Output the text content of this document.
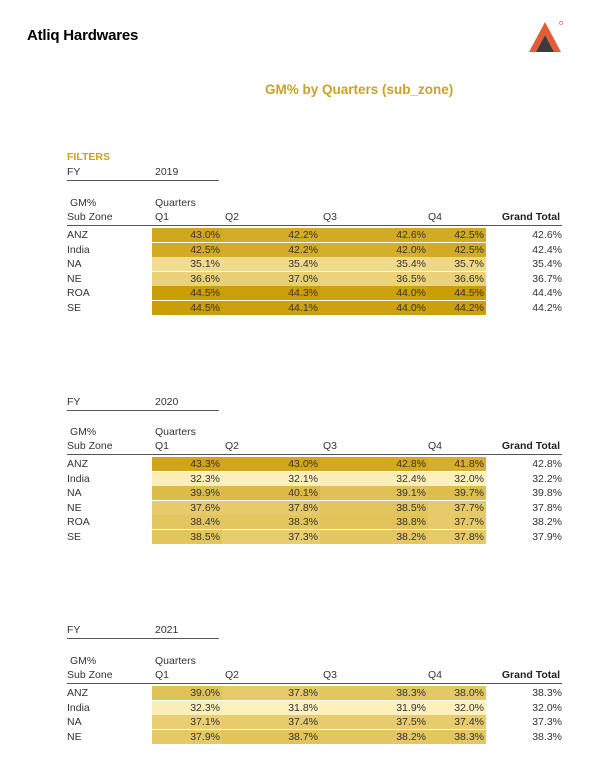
Atliq Hardwares
GM% by Quarters (sub_zone)
FILTERS
FY	2019
GM%	Quarters
Sub Zone	Q1	Q2	Q3	Q4	Grand Total
ANZ	43.0%	42.2%	42.6%	42.5%	42.6%
India	42.5%	42.2%	42.0%	42.5%	42.4%
NA	35.1%	35.4%	35.4%	35.7%	35.4%
NE	36.6%	37.0%	36.5%	36.6%	36.7%
ROA	44.5%	44.3%	44.0%	44.5%	44.4%
SE	44.5%	44.1%	44.0%	44.2%	44.2%
FY	2020
GM%	Quarters
Sub Zone	Q1	Q2	Q3	Q4	Grand Total
ANZ	43.3%	43.0%	42.8%	41.8%	42.8%
India	32.3%	32.1%	32.4%	32.0%	32.2%
NA	39.9%	40.1%	39.1%	39.7%	39.8%
NE	37.6%	37.8%	38.5%	37.7%	37.8%
ROA	38.4%	38.3%	38.8%	37.7%	38.2%
SE	38.5%	37.3%	38.2%	37.8%	37.9%
FY	2021
GM%	Quarters
Sub Zone	Q1	Q2	Q3	Q4	Grand Total
ANZ	39.0%	37.8%	38.3%	38.0%	38.3%
India	32.3%	31.8%	31.9%	32.0%	32.0%
NA	37.1%	37.4%	37.5%	37.4%	37.3%
NE	37.9%	38.7%	38.2%	38.3%	38.3%
